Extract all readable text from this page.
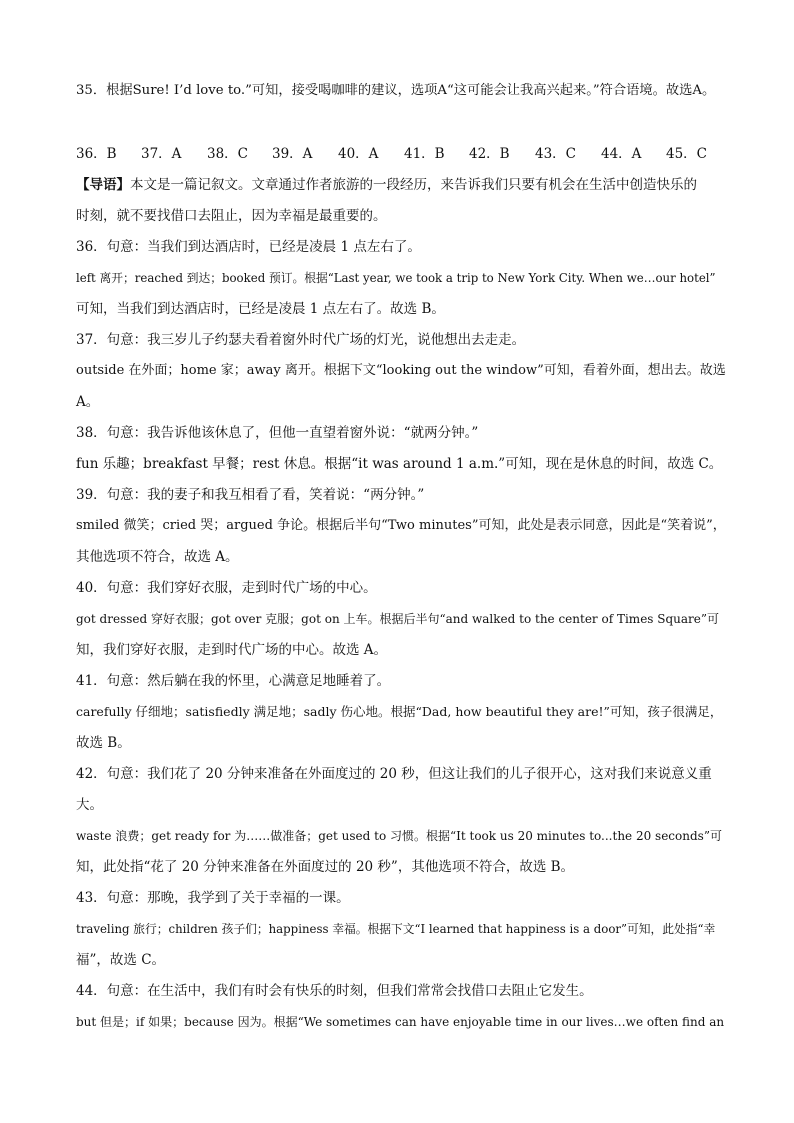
35．根据Sure! I’d love to.”可知，接受喝咖啡的建议，选项A“这可能会让我高兴起来。”符合语境。故选A。
36．B 37．A 38．C 39．A 40．A 41．B 42．B 43．C 44．A 45．C
【导语】本文是一篇记叙文。文章通过作者旅游的一段经历，来告诉我们只要有机会在生活中创造快乐的
时刻，就不要找借口去阻止，因为幸福是最重要的。
36．句意：当我们到达酒店时，已经是凌晨 1 点左右了。
left 离开；reached 到达；booked 预订。根据“Last year, we took a trip to New York City. When we…our hotel”
可知，当我们到达酒店时，已经是凌晨 1 点左右了。故选 B。
37．句意：我三岁儿子约瑟夫看着窗外时代广场的灯光，说他想出去走走。
outside 在外面；home 家；away 离开。根据下文“looking out the window”可知，看着外面，想出去。故选
A。
38．句意：我告诉他该休息了，但他一直望着窗外说：“就两分钟。”
fun 乐趣；breakfast 早餐；rest 休息。根据“it was around 1 a.m.”可知，现在是休息的时间，故选 C。
39．句意：我的妻子和我互相看了看，笑着说：“两分钟。”
smiled 微笑；cried 哭；argued 争论。根据后半句“Two minutes”可知，此处是表示同意，因此是“笑着说”，
其他选项不符合，故选 A。
40．句意：我们穿好衣服，走到时代广场的中心。
got dressed 穿好衣服；got over 克服；got on 上车。根据后半句“and walked to the center of Times Square”可
知，我们穿好衣服，走到时代广场的中心。故选 A。
41．句意：然后躺在我的怀里，心满意足地睡着了。
carefully 仔细地；satisfiedly 满足地；sadly 伤心地。根据“Dad, how beautiful they are!”可知，孩子很满足，
故选 B。
42．句意：我们花了 20 分钟来准备在外面度过的 20 秒，但这让我们的儿子很开心，这对我们来说意义重
大。
waste 浪费；get ready for 为……做准备；get used to 习惯。根据“It took us 20 minutes to...the 20 seconds”可
知，此处指“花了 20 分钟来准备在外面度过的 20 秒”，其他选项不符合，故选 B。
43．句意：那晚，我学到了关于幸福的一课。
traveling 旅行；children 孩子们；happiness 幸福。根据下文“I learned that happiness is a door”可知，此处指“幸
福”，故选 C。
44．句意：在生活中，我们有时会有快乐的时刻，但我们常常会找借口去阻止它发生。
but 但是；if 如果；because 因为。根据“We sometimes can have enjoyable time in our lives…we often find an
